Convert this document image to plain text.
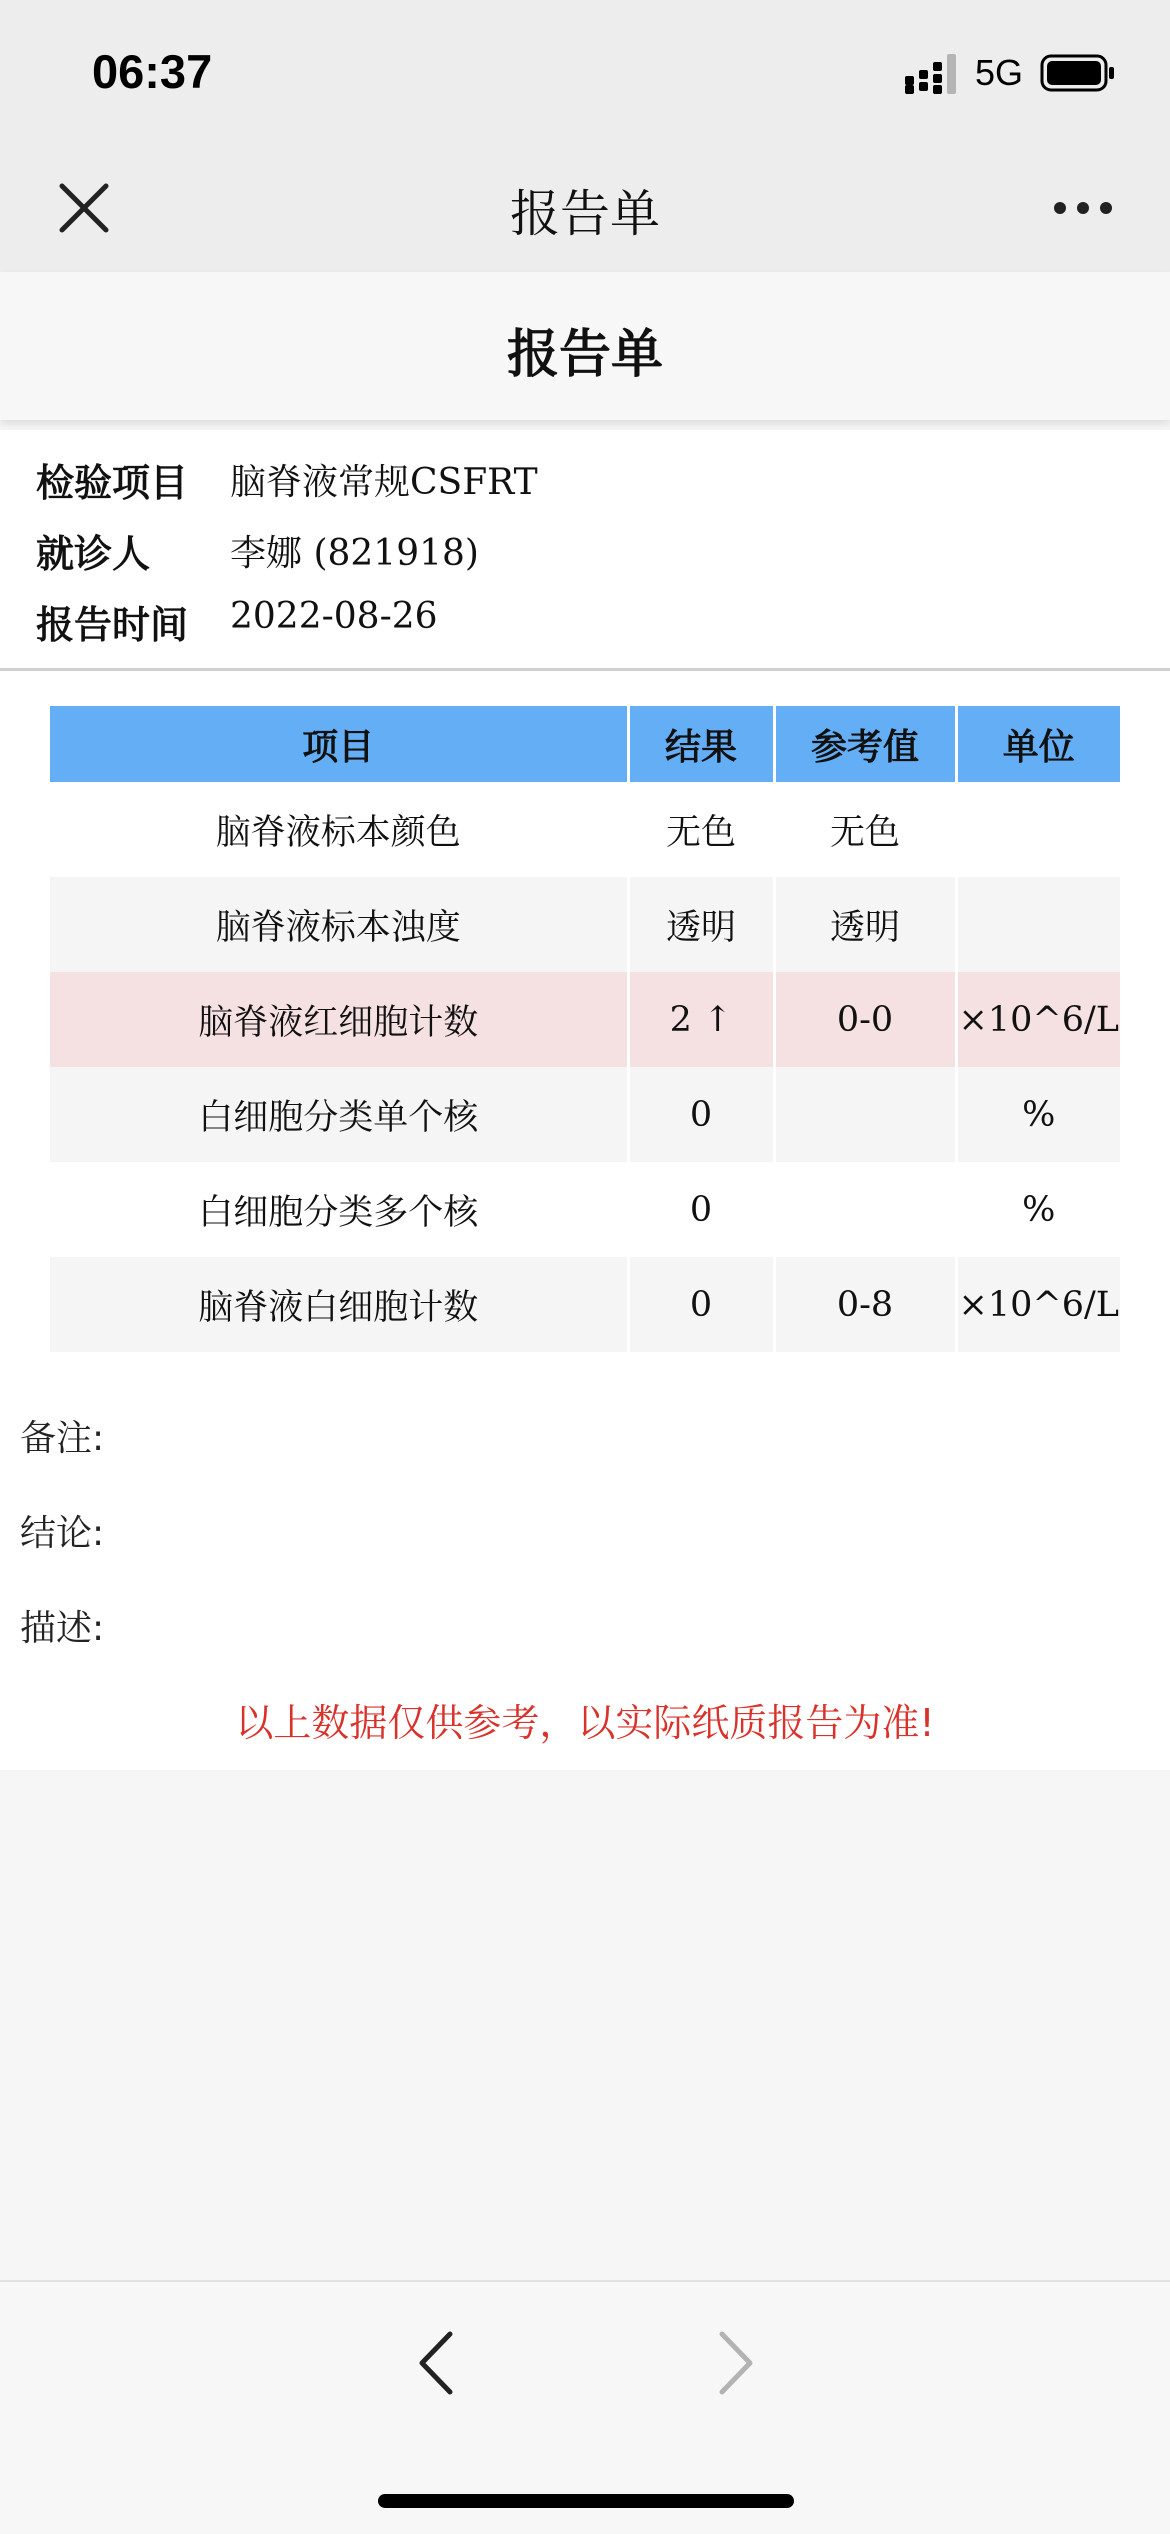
06:37	5G
报告单
报告单
检验项目 脑脊液常规CSFRT
就诊人 李娜 (821918)
报告时间 2022-08-26
项目	结果	参考值	单位
脑脊液标本颜色	无色	无色	
脑脊液标本浊度	透明	透明	
脑脊液红细胞计数	2 ↑	0-0	×10^6/L
白细胞分类单个核	0		%
白细胞分类多个核	0		%
脑脊液白细胞计数	0	0-8	×10^6/L
备注:
结论:
描述:
以上数据仅供参考，以实际纸质报告为准!
